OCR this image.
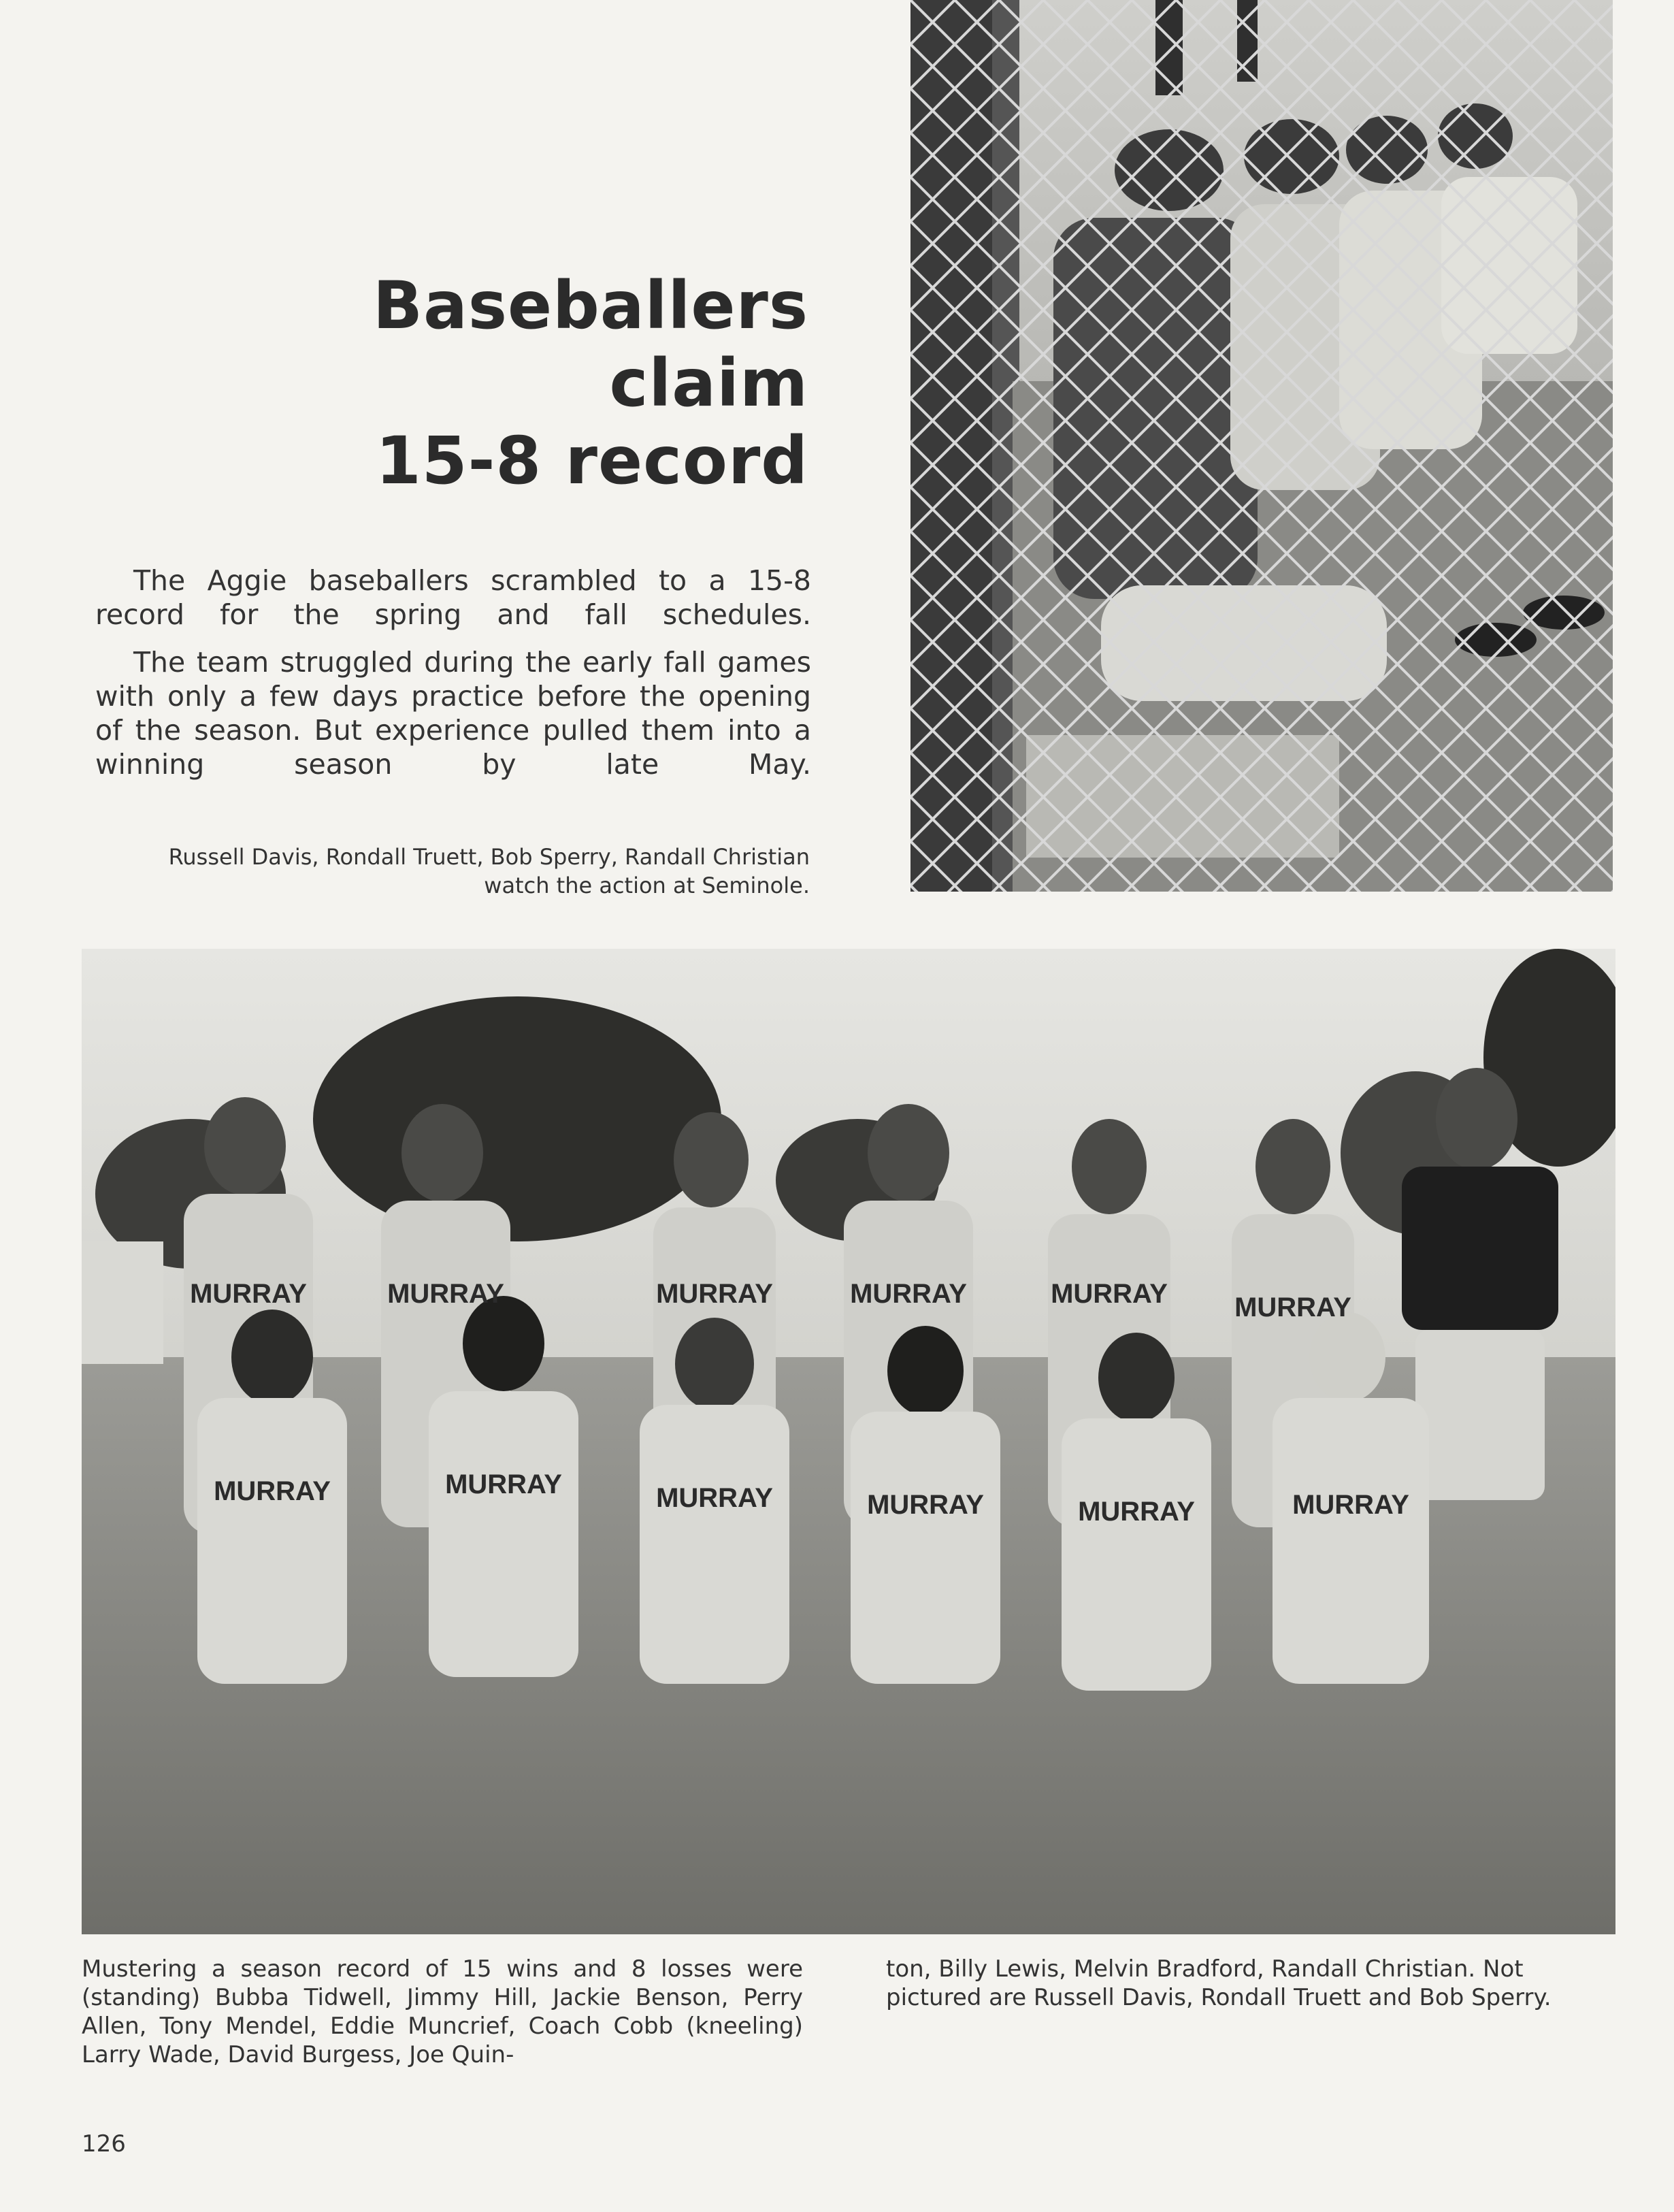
Baseballers
claim
15-8 record

The Aggie baseballers scrambled to a 15-8 record for the spring and fall schedules.

The team struggled during the early fall games with only a few days practice before the opening of the season. But experience pulled them into a winning season by late May.

Russell Davis, Rondall Truett, Bob Sperry, Randall Christian watch the action at Seminole.
MURRAY	MURRAY	MURRAY	MURRAY	MURRAY MURRAY
MURRAY	MURRAY	MURRAY	MURRAY	MURRAY	MURRAY
Mustering a season record of 15 wins and 8 losses were (standing) Bubba Tidwell, Jimmy Hill, Jackie Benson, Perry Allen, Tony Mendel, Eddie Muncrief, Coach Cobb (kneeling) Larry Wade, David Burgess, Joe Quin-
ton, Billy Lewis, Melvin Bradford, Randall Christian. Not pictured are Russell Davis, Rondall Truett and Bob Sperry.
126
